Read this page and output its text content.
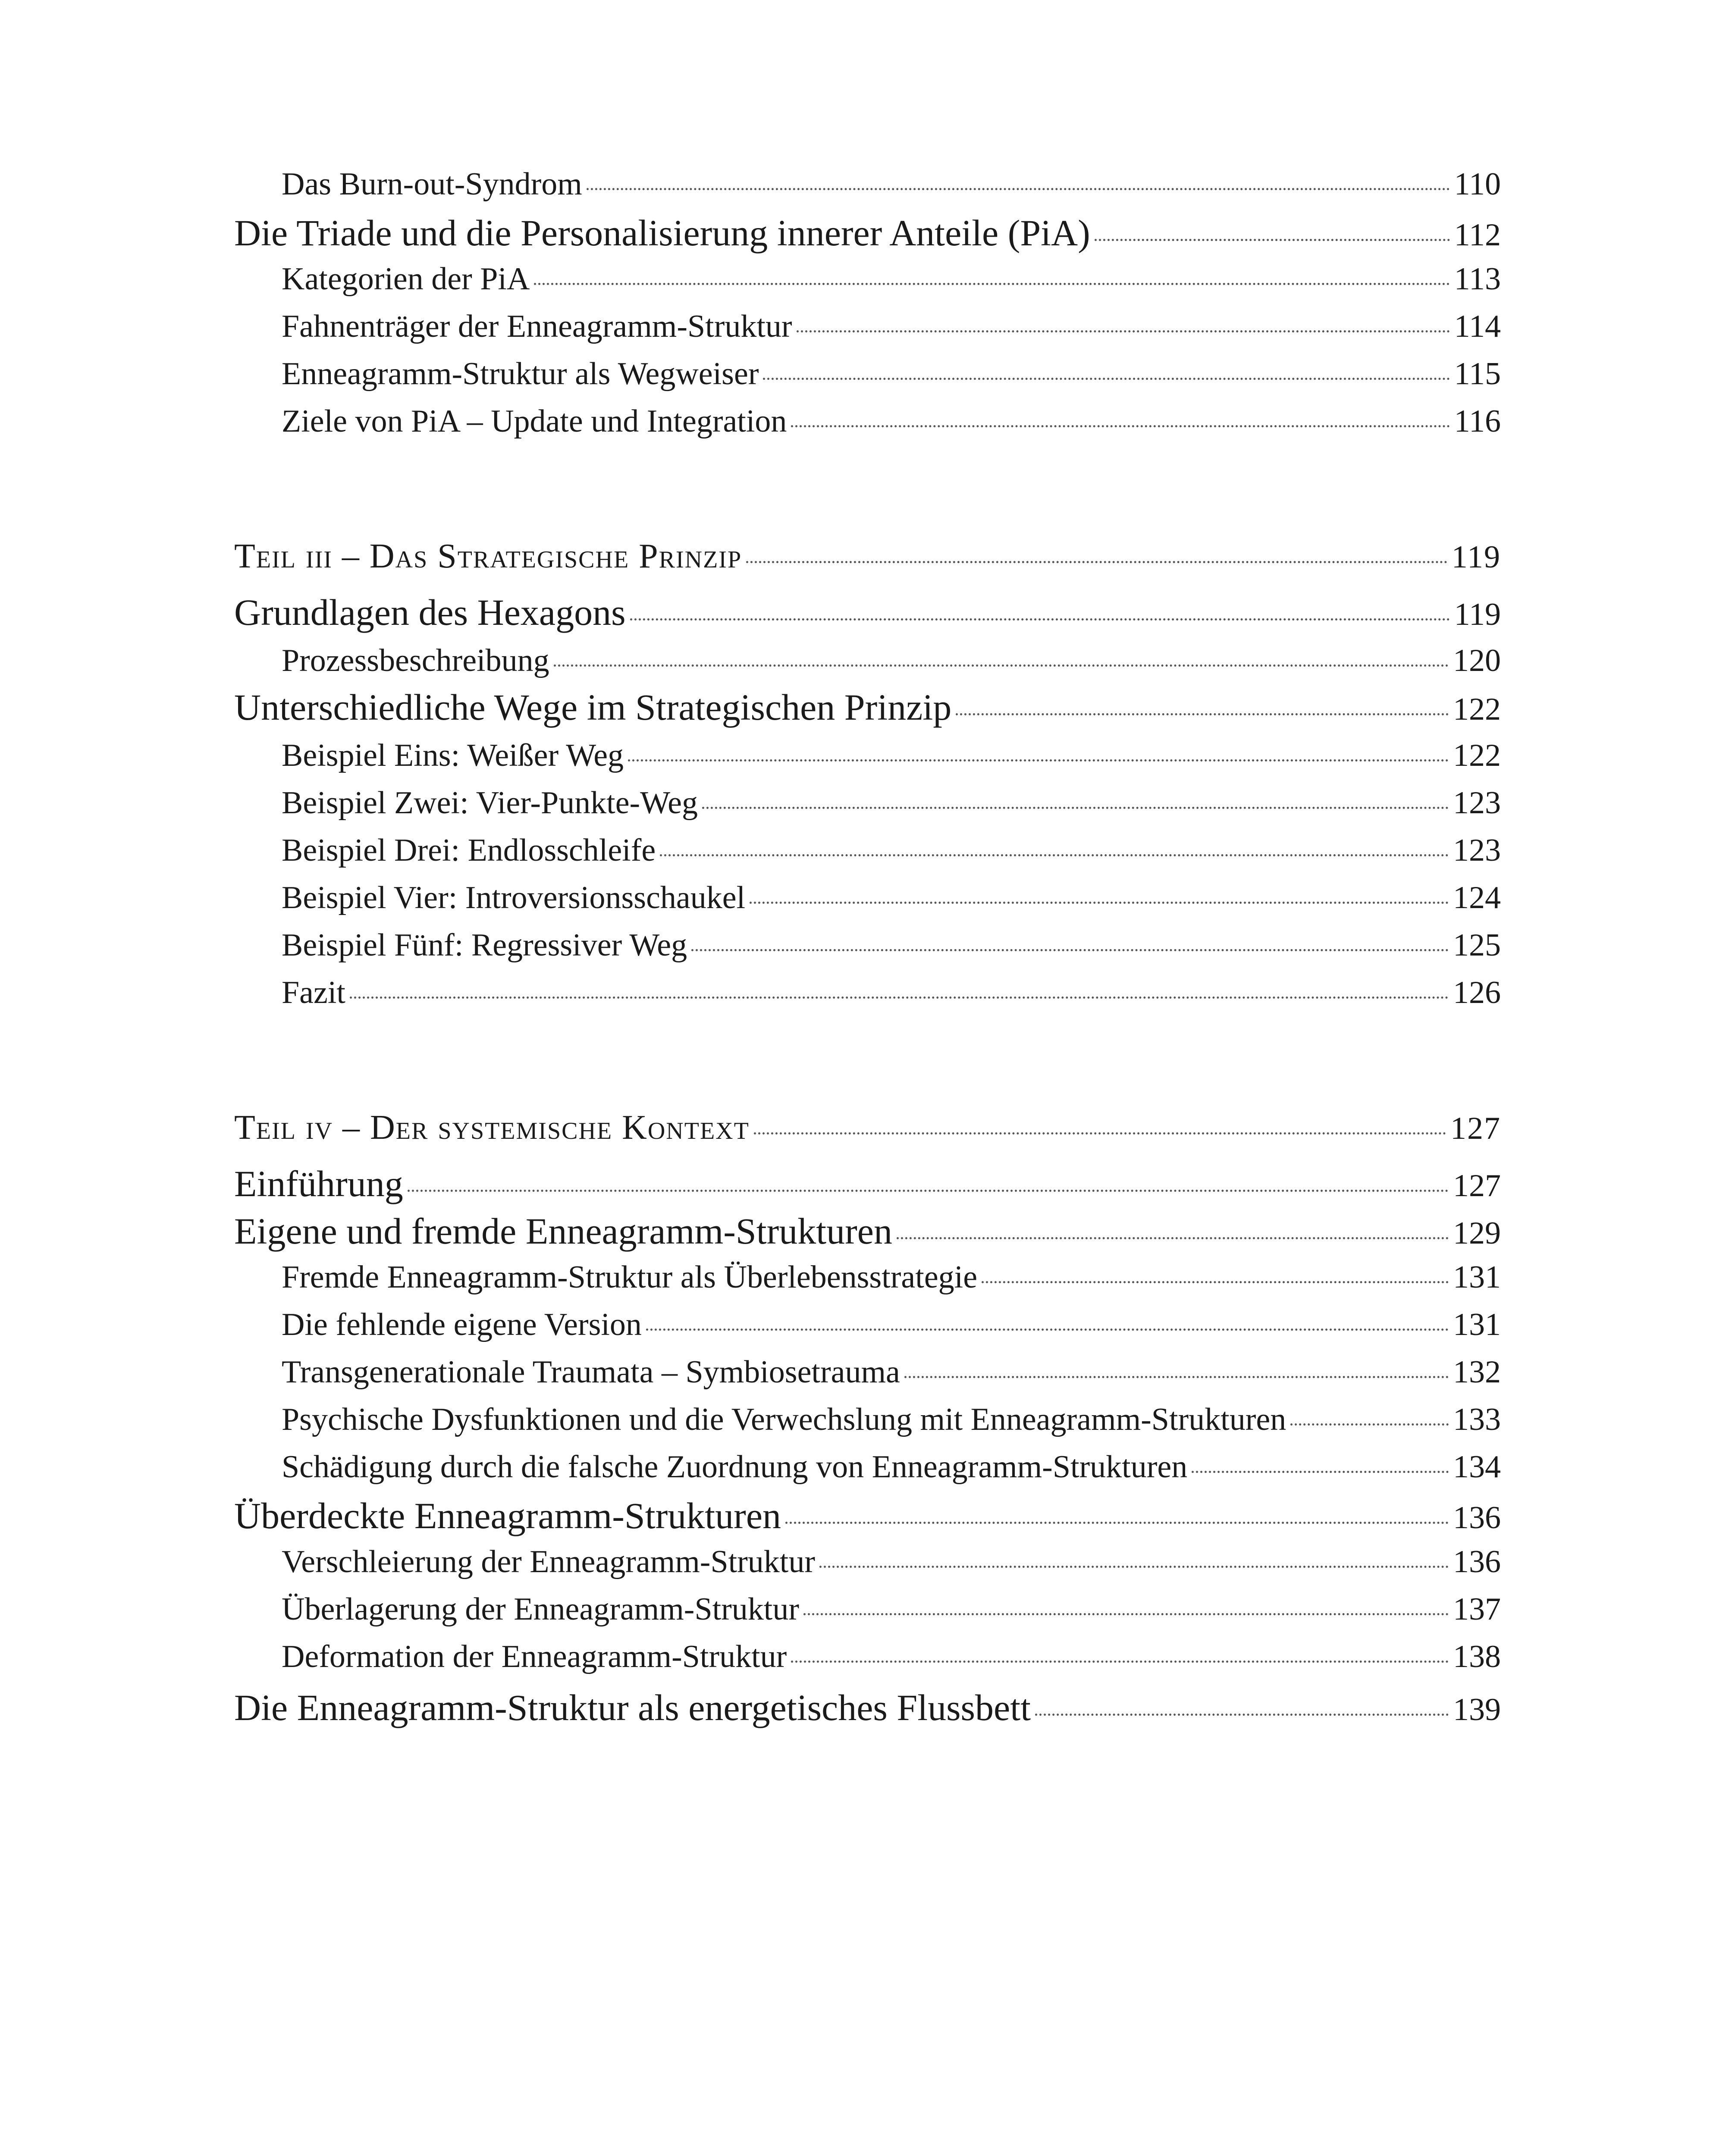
Das Burn-out-Syndrom	110
Die Triade und die Personalisierung innerer Anteile (PiA)	112
Kategorien der PiA	113
Fahnenträger der Enneagramm-Struktur	114
Enneagramm-Struktur als Wegweiser	115
Ziele von PiA – Update und Integration	116
Teil iii – Das Strategische Prinzip	119
Grundlagen des Hexagons	119
Prozessbeschreibung	120
Unterschiedliche Wege im Strategischen Prinzip	122
Beispiel Eins: Weißer Weg	122
Beispiel Zwei: Vier-Punkte-Weg	123
Beispiel Drei: Endlosschleife	123
Beispiel Vier: Introversionsschaukel	124
Beispiel Fünf: Regressiver Weg	125
Fazit	126
Teil iv – Der systemische Kontext	127
Einführung	127
Eigene und fremde Enneagramm-Strukturen	129
Fremde Enneagramm-Struktur als Überlebensstrategie	131
Die fehlende eigene Version	131
Transgenerationale Traumata – Symbiosetrauma	132
Psychische Dysfunktionen und die Verwechslung mit Enneagramm-Strukturen	133
Schädigung durch die falsche Zuordnung von Enneagramm-Strukturen	134
Überdeckte Enneagramm-Strukturen	136
Verschleierung der Enneagramm-Struktur	136
Überlagerung der Enneagramm-Struktur	137
Deformation der Enneagramm-Struktur	138
Die Enneagramm-Struktur als energetisches Flussbett	139
